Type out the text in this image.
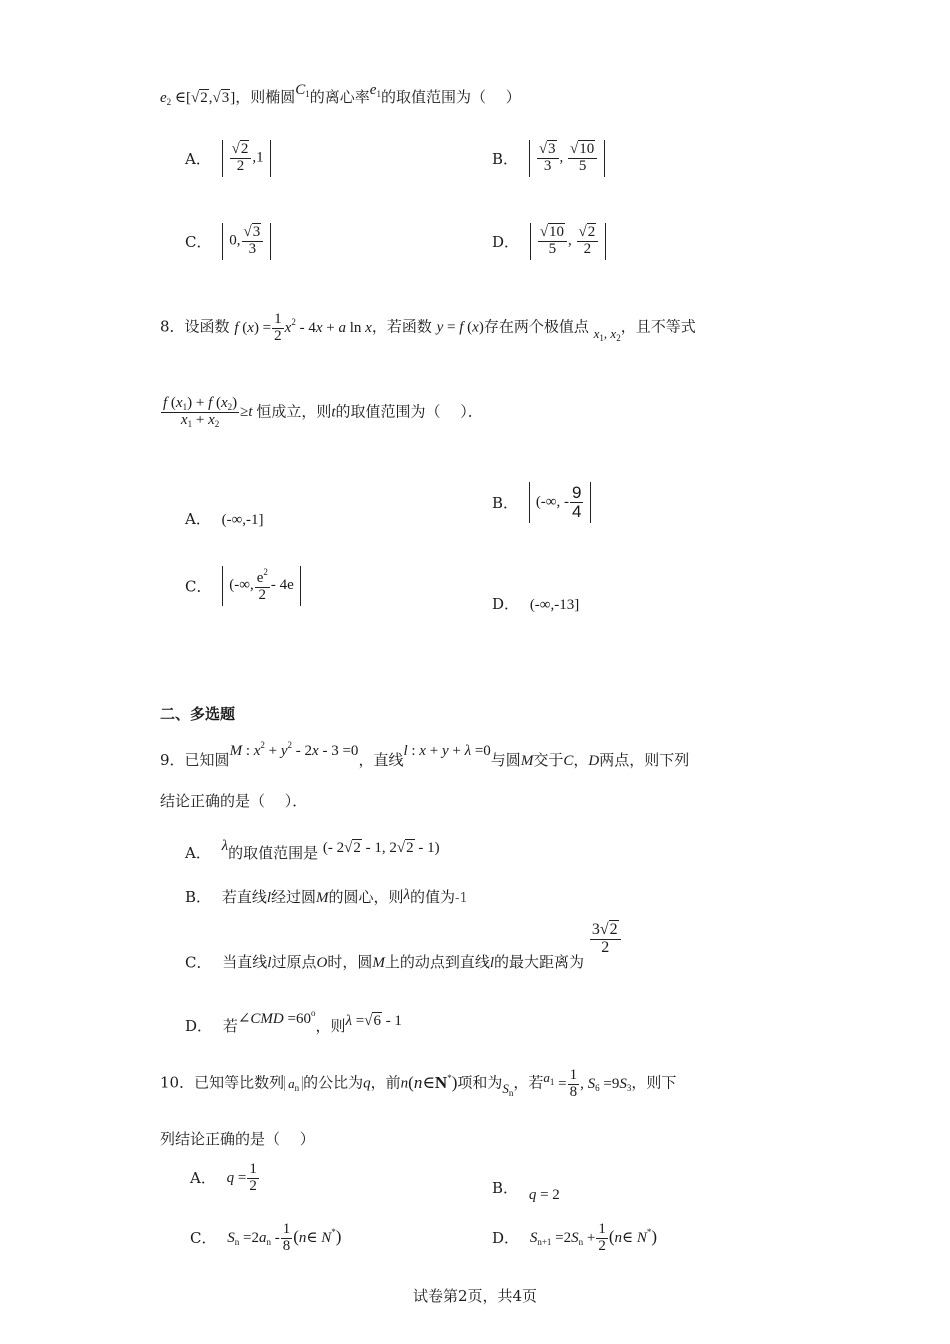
$e_2$ ∈[√2,√3]，则椭圆$C_1$的离心率$e_1$的取值范围为（　 ）
A． $\frac{√2}{2} ,1$	B． $\frac{√3}{3}$ , $\frac{√10}{5}$
C． 0, $\frac{√3}{3}$	D． $\frac{√10}{5}$ , $\frac{√2}{2}$
8．设函数 f $(x) = \frac{1}{2} x^2 - 4x + a$ ln x，若函数 y = f (x)存在两个极值点 $x_1$, $x_2$，且不等式
$\frac{f (x_1) + f (x_2)}{x_1 + x_2} \ge t$ 恒成立，则t的取值范围为（　 ）．
A． (-∞,-1]
B． (-∞, - $\frac{9}{4}$
C． (-∞, $\frac{e^2}{2} - 4e$
D． (-∞,-13]
二、多选题
9．已知圆M : $x^2 + y^2 - 2x - 3 =0$，直线l : x + y + λ =0与圆M交于C，D两点，则下列
结论正确的是（　 ）．
A． λ的取值范围是 (- 2√2 - 1, 2√2 - 1)
B． 若直线l经过圆M的圆心，则λ的值为-1
C． 当直线l过原点O时，圆M上的动点到直线l的最大距离为
$\frac{3√2}{2}$
D． 若∠CMD $=60^o$，则λ =√6 - 1
10．已知等比数列 $a_n$ 的公比为q，前n(n∈N*)项和为$S_n$，若$a_1 = \frac{1}{8}$ , $S_6 =9S_3$，则下
列结论正确的是（　 ）
A． $q = \frac{1}{2}$	B． q = 2
C． $S_n =2a_n - \frac{1}{8}$ (n∈ N*)	D． $S_{n+1} =2S_n + \frac{1}{2}$ (n∈ N*)
试卷第2页，共4页
